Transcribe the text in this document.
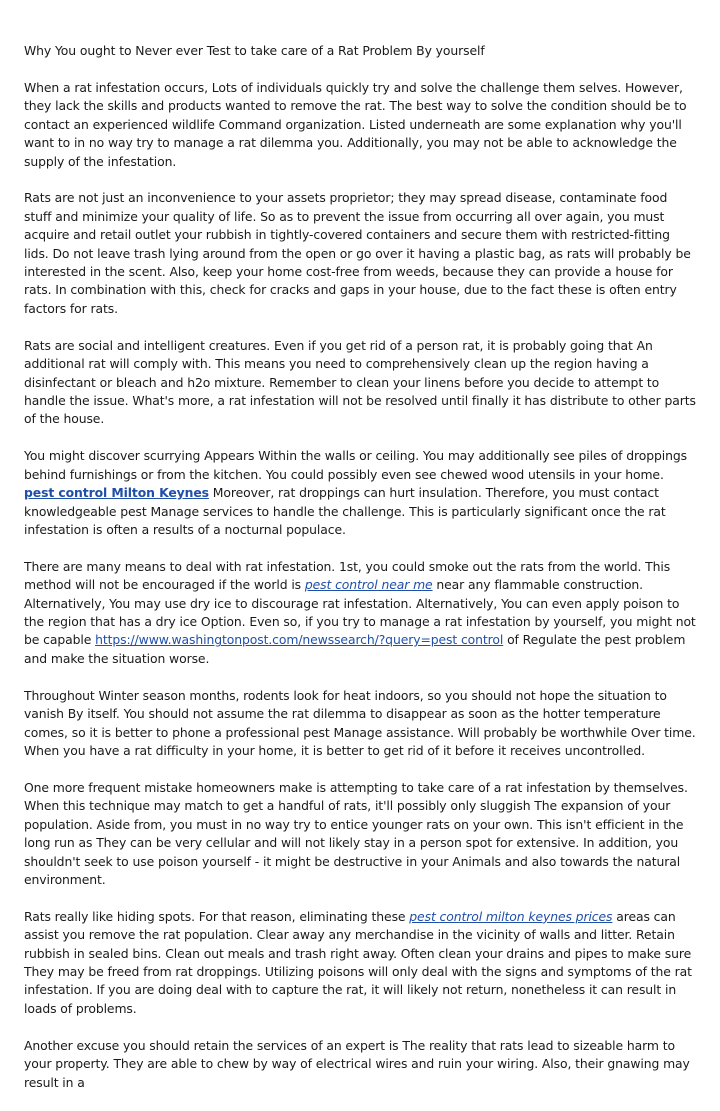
Why You ought to Never ever Test to take care of a Rat Problem By yourself

When a rat infestation occurs, Lots of individuals quickly try and solve the challenge them selves. However, they lack the skills and products wanted to remove the rat. The best way to solve the condition should be to contact an experienced wildlife Command organization. Listed underneath are some explanation why you'll want to in no way try to manage a rat dilemma you. Additionally, you may not be able to acknowledge the supply of the infestation.

Rats are not just an inconvenience to your assets proprietor; they may spread disease, contaminate food stuff and minimize your quality of life. So as to prevent the issue from occurring all over again, you must acquire and retail outlet your rubbish in tightly-covered containers and secure them with restricted-fitting lids. Do not leave trash lying around from the open or go over it having a plastic bag, as rats will probably be interested in the scent. Also, keep your home cost-free from weeds, because they can provide a house for rats. In combination with this, check for cracks and gaps in your house, due to the fact these is often entry factors for rats.

Rats are social and intelligent creatures. Even if you get rid of a person rat, it is probably going that An additional rat will comply with. This means you need to comprehensively clean up the region having a disinfectant or bleach and h2o mixture. Remember to clean your linens before you decide to attempt to handle the issue. What's more, a rat infestation will not be resolved until finally it has distribute to other parts of the house.

You might discover scurrying Appears Within the walls or ceiling. You may additionally see piles of droppings behind furnishings or from the kitchen. You could possibly even see chewed wood utensils in your home. pest control Milton Keynes Moreover, rat droppings can hurt insulation. Therefore, you must contact knowledgeable pest Manage services to handle the challenge. This is particularly significant once the rat infestation is often a results of a nocturnal populace.

There are many means to deal with rat infestation. 1st, you could smoke out the rats from the world. This method will not be encouraged if the world is pest control near me near any flammable construction. Alternatively, You may use dry ice to discourage rat infestation. Alternatively, You can even apply poison to the region that has a dry ice Option. Even so, if you try to manage a rat infestation by yourself, you might not be capable https://www.washingtonpost.com/newssearch/?query=pest control of Regulate the pest problem and make the situation worse.

Throughout Winter season months, rodents look for heat indoors, so you should not hope the situation to vanish By itself. You should not assume the rat dilemma to disappear as soon as the hotter temperature comes, so it is better to phone a professional pest Manage assistance. Will probably be worthwhile Over time. When you have a rat difficulty in your home, it is better to get rid of it before it receives uncontrolled.

One more frequent mistake homeowners make is attempting to take care of a rat infestation by themselves. When this technique may match to get a handful of rats, it'll possibly only sluggish The expansion of your population. Aside from, you must in no way try to entice younger rats on your own. This isn't efficient in the long run as They can be very cellular and will not likely stay in a person spot for extensive. In addition, you shouldn't seek to use poison yourself - it might be destructive in your Animals and also towards the natural environment.

Rats really like hiding spots. For that reason, eliminating these pest control milton keynes prices areas can assist you remove the rat population. Clear away any merchandise in the vicinity of walls and litter. Retain rubbish in sealed bins. Clean out meals and trash right away. Often clean your drains and pipes to make sure They may be freed from rat droppings. Utilizing poisons will only deal with the signs and symptoms of the rat infestation. If you are doing deal with to capture the rat, it will likely not return, nonetheless it can result in loads of problems.

Another excuse you should retain the services of an expert is The reality that rats lead to sizeable harm to your property. They are able to chew by way of electrical wires and ruin your wiring. Also, their gnawing may result in a
